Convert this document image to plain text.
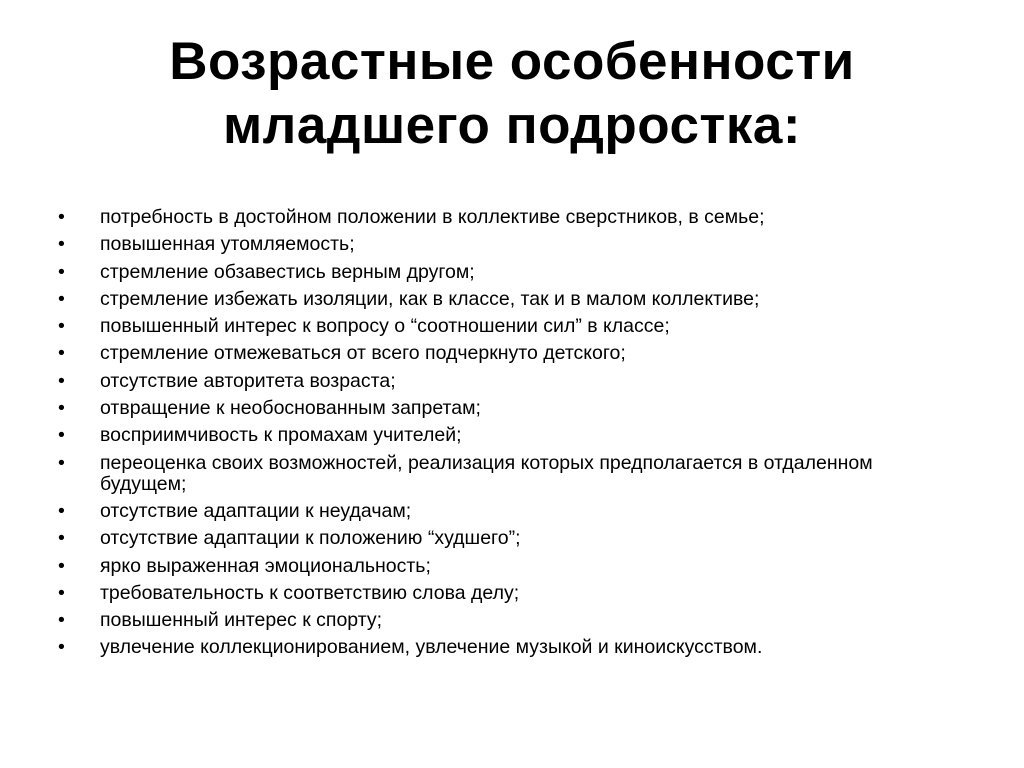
Возрастные особенности
младшего подростка:
• потребность в достойном положении в коллективе сверстников, в семье;
• повышенная утомляемость;
• стремление обзавестись верным другом;
• стремление избежать изоляции, как в классе, так и в малом коллективе;
• повышенный интерес к вопросу о “соотношении сил” в классе;
• стремление отмежеваться от всего подчеркнуто детского;
• отсутствие авторитета возраста;
• отвращение к необоснованным запретам;
• восприимчивость к промахам учителей;
• переоценка своих возможностей, реализация которых предполагается в отдаленном будущем;
• отсутствие адаптации к неудачам;
• отсутствие адаптации к положению “худшего”;
• ярко выраженная эмоциональность;
• требовательность к соответствию слова делу;
• повышенный интерес к спорту;
• увлечение коллекционированием, увлечение музыкой и киноискусством.
